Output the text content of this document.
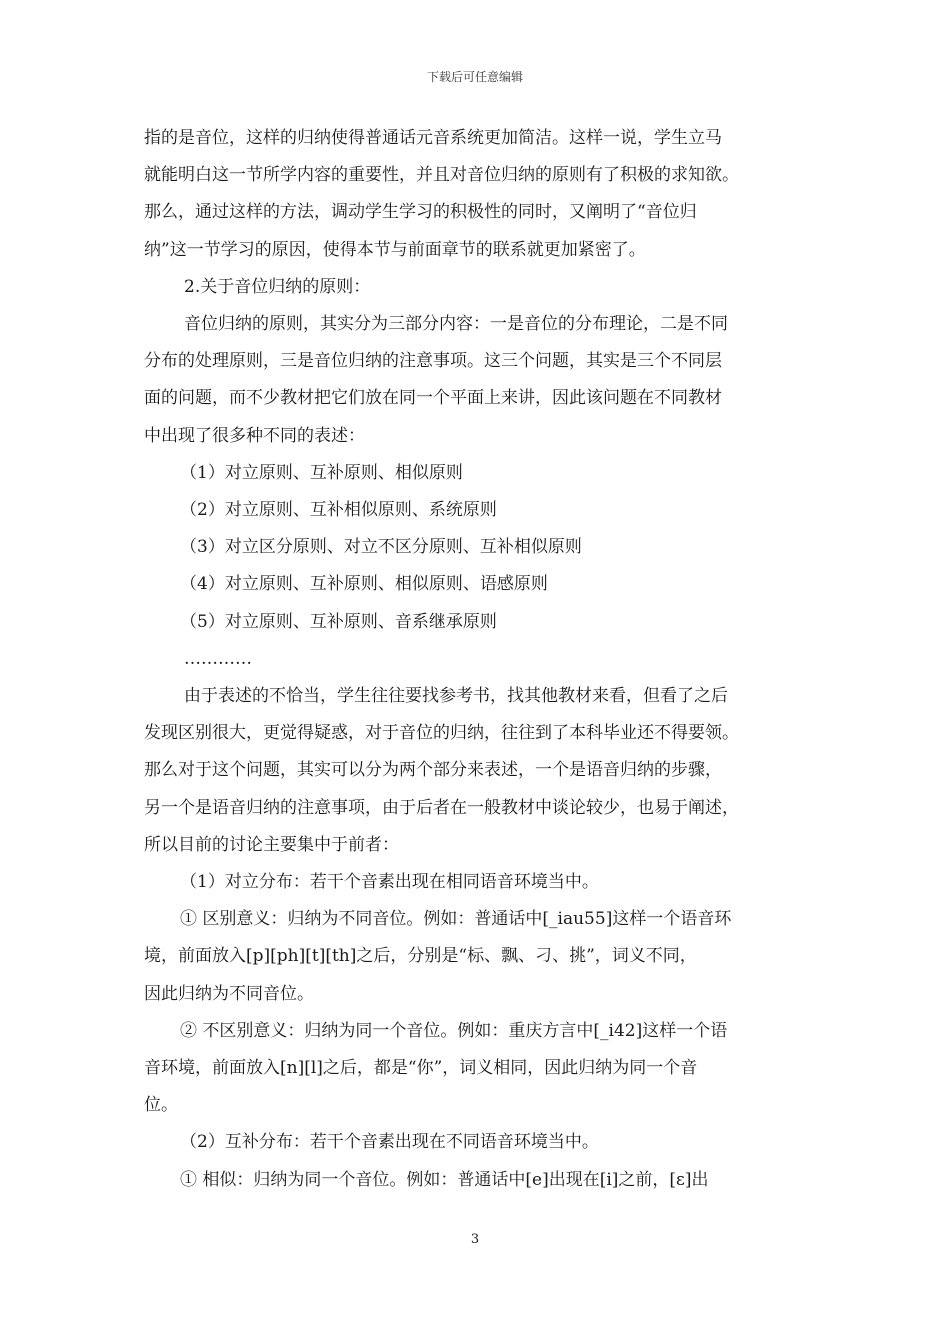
下载后可任意编辑

指的是音位，这样的归纳使得普通话元音系统更加简洁。这样一说，学生立马

就能明白这一节所学内容的重要性，并且对音位归纳的原则有了积极的求知欲。

那么，通过这样的方法，调动学生学习的积极性的同时，又阐明了“音位归

纳”这一节学习的原因，使得本节与前面章节的联系就更加紧密了。

2.关于音位归纳的原则：

音位归纳的原则，其实分为三部分内容：一是音位的分布理论，二是不同

分布的处理原则，三是音位归纳的注意事项。这三个问题，其实是三个不同层

面的问题，而不少教材把它们放在同一个平面上来讲，因此该问题在不同教材

中出现了很多种不同的表述：

（1）对立原则、互补原则、相似原则

（2）对立原则、互补相似原则、系统原则

（3）对立区分原则、对立不区分原则、互补相似原则

（4）对立原则、互补原则、相似原则、语感原则

（5）对立原则、互补原则、音系继承原则

…………

由于表述的不恰当，学生往往要找参考书，找其他教材来看，但看了之后

发现区别很大，更觉得疑惑，对于音位的归纳，往往到了本科毕业还不得要领。

那么对于这个问题，其实可以分为两个部分来表述，一个是语音归纳的步骤，

另一个是语音归纳的注意事项，由于后者在一般教材中谈论较少，也易于阐述，

所以目前的讨论主要集中于前者：

（1）对立分布：若干个音素出现在相同语音环境当中。

① 区别意义：归纳为不同音位。例如：普通话中[_iau55]这样一个语音环

境，前面放入[p][ph][t][th]之后，分别是“标、飘、刁、挑”，词义不同，

因此归纳为不同音位。

② 不区别意义：归纳为同一个音位。例如：重庆方言中[_i42]这样一个语

音环境，前面放入[n][l]之后，都是“你”，词义相同，因此归纳为同一个音

位。

（2）互补分布：若干个音素出现在不同语音环境当中。

① 相似：归纳为同一个音位。例如：普通话中[e]出现在[i]之前，[ɛ]出

3
